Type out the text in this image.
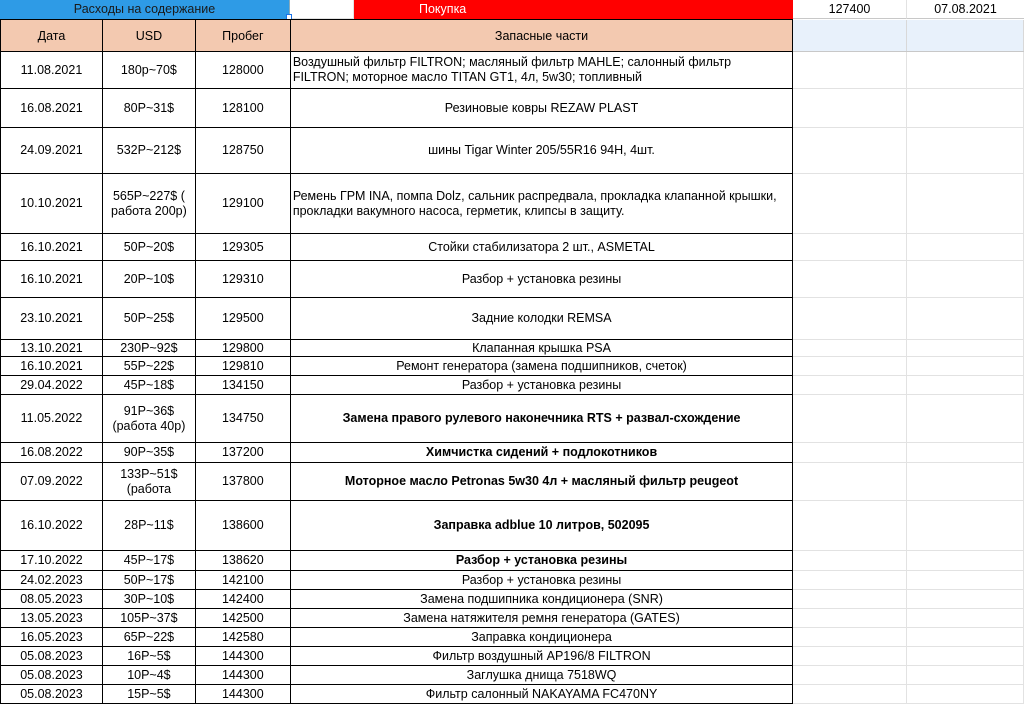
Расходы на содержание	Покупка	127400	07.08.2021
Дата	USD	Пробег	Запасные части		

11.08.2021	180р~70$	128000	Воздушный фильтр FILTRON; масляный фильтр MAHLE; салонный фильтр FILTRON; моторное масло TITAN GT1, 4л, 5w30; топливный		

16.08.2021	80Р~31$	128100	Резиновые ковры REZAW PLAST		

24.09.2021	532Р~212$	128750	шины Tigar Winter 205/55R16 94H, 4шт.		

10.10.2021	565Р~227$ ( работа 200р)	129100	Ремень ГРМ INA, помпа Dolz, сальник распредвала, прокладка клапанной крышки, прокладки вакумного насоса, герметик, клипсы в защиту.		

16.10.2021	50Р~20$	129305	Стойки стабилизатора 2 шт., ASMETAL		

16.10.2021	20Р~10$	129310	Разбор + установка резины		

23.10.2021	50Р~25$	129500	Задние колодки REMSA		

13.10.2021	230Р~92$	129800	Клапанная крышка PSA		

16.10.2021	55Р~22$	129810	Ремонт генератора (замена подшипников, счеток)		

29.04.2022	45Р~18$	134150	Разбор + установка резины		

11.05.2022	91Р~36$ (работа 40р)	134750	Замена правого рулевого наконечника RTS + развал-схождение		

16.08.2022	90Р~35$	137200	Химчистка сидений + подлокотников		

07.09.2022	133Р~51$ (работа	137800	Моторное масло Petronas 5w30 4л + масляный фильтр peugeot		

16.10.2022	28Р~11$	138600	Заправка adblue 10 литров, 502095		

17.10.2022	45Р~17$	138620	Разбор + установка резины		

24.02.2023	50Р~17$	142100	Разбор + установка резины		

08.05.2023	30Р~10$	142400	Замена подшипника кондиционера (SNR)		

13.05.2023	105Р~37$	142500	Замена натяжителя ремня генератора (GATES)		

16.05.2023	65Р~22$	142580	Заправка кондиционера		

05.08.2023	16Р~5$	144300	Фильтр воздушный AP196/8 FILTRON		

05.08.2023	10Р~4$	144300	Заглушка днища 7518WQ		

05.08.2023	15Р~5$	144300	Фильтр салонный NAKAYAMA FC470NY		
